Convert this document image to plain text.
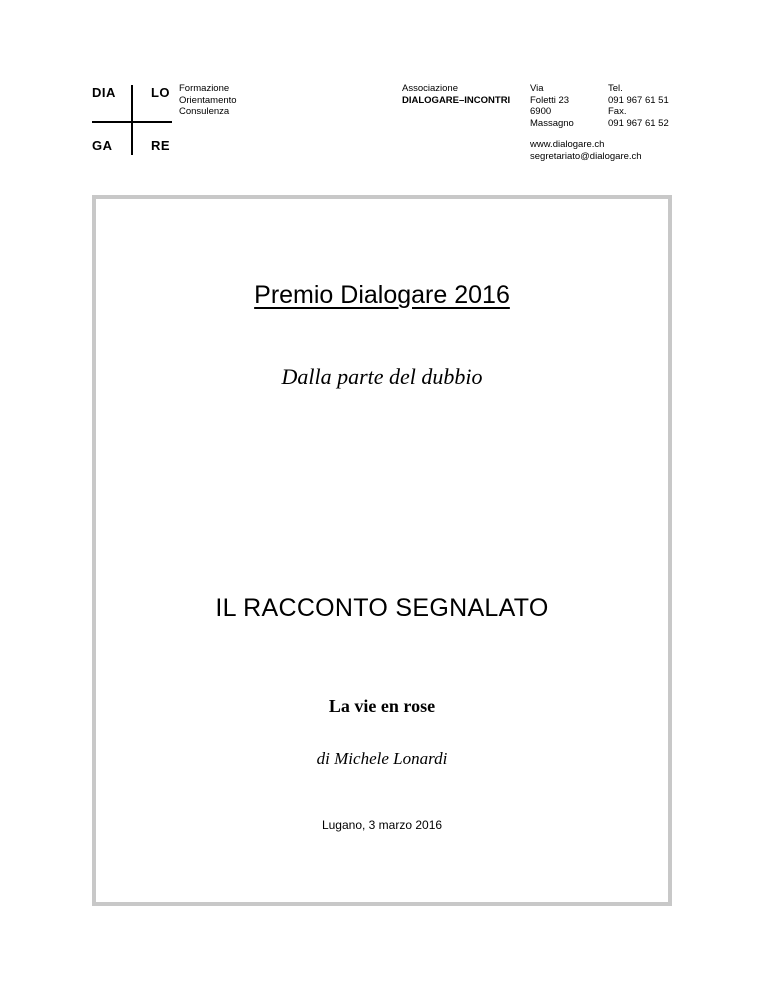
DIA	LO
GA	RE
Formazione
Orientamento
Consulenza
Associazione
DIALOGARE–INCONTRI
Via
Foletti 23
6900
Massagno
Tel.
091 967 61 51
Fax.
091 967 61 52
www.dialogare.ch
segretariato@dialogare.ch
Premio Dialogare 2016
Dalla parte del dubbio
IL RACCONTO SEGNALATO
La vie en rose
di Michele Lonardi
Lugano, 3 marzo 2016
